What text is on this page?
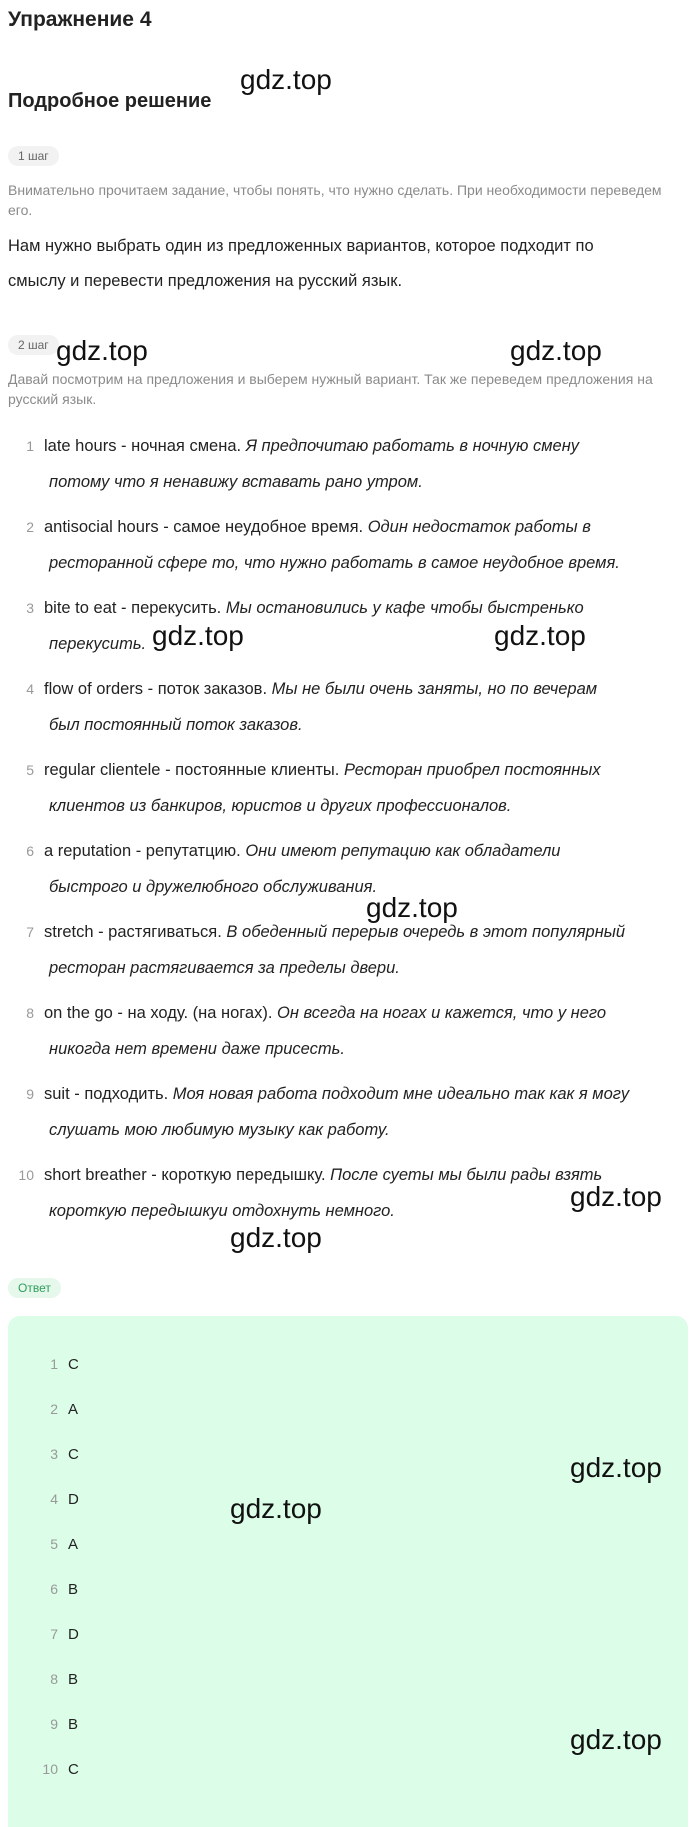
Упражнение 4
Подробное решение
1 шаг
Внимательно прочитаем задание, чтобы понять, что нужно сделать. При необходимости переведем его.
Нам нужно выбрать один из предложенных вариантов, которое подходит по
смыслу и перевести предложения на русский язык.
2 шаг
Давай посмотрим на предложения и выберем нужный вариант. Так же переведем предложения на русский язык.
1 late hours - ночная смена. Я предпочитаю работать в ночную смену
потому что я ненавижу вставать рано утром.
2 antisocial hours - самое неудобное время. Один недостаток работы в
ресторанной сфере то, что нужно работать в самое неудобное время.
3 bite to eat - перекусить. Мы остановились у кафе чтобы быстренько
перекусить.
4 flow of orders - поток заказов. Мы не были очень заняты, но по вечерам
был постоянный поток заказов.
5 regular clientele - постоянные клиенты. Ресторан приобрел постоянных
клиентов из банкиров, юристов и других профессионалов.
6 a reputation - репутатцию. Они имеют репутацию как обладатели
быстрого и дружелюбного обслуживания.
7 stretch - растягиваться. В обеденный перерыв очередь в этот популярный
ресторан растягивается за пределы двери.
8 on the go - на ходу. (на ногах). Он всегда на ногах и кажется, что у него
никогда нет времени даже присесть.
9 suit - подходить. Моя новая работа подходит мне идеально так как я могу
слушать мою любимую музыку как работу.
10 short breather - короткую передышку. После суеты мы были рады взять
короткую передышкуи отдохнуть немного.
Ответ
1 C
2 A
3 C
4 D
5 A
6 B
7 D
8 B
9 B
10 C
gdz.top
gdz.top	gdz.top
gdz.top	gdz.top
gdz.top
gdz.top
gdz.top
gdz.top
gdz.top
gdz.top
